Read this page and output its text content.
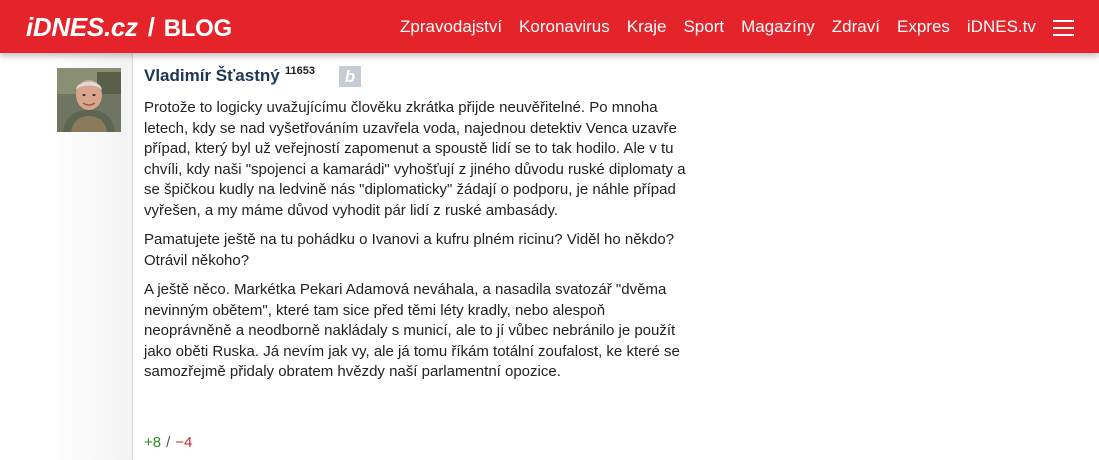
iDNES.cz / BLOG	Zpravodajství Koronavirus Kraje Sport Magazíny Zdraví Expres iDNES.tv
Vladimír Šťastný 11653	b

Protože to logicky uvažujícímu člověku zkrátka přijde neuvěřitelné. Po mnoha letech, kdy se nad vyšetřováním uzavřela voda, najednou detektiv Venca uzavře případ, který byl už veřejností zapomenut a spoustě lidí se to tak hodilo. Ale v tu chvíli, kdy naši "spojenci a kamarádi" vyhošťují z jiného důvodu ruské diplomaty a se špičkou kudly na ledvině nás "diplomaticky" žádají o podporu, je náhle případ vyřešen, a my máme důvod vyhodit pár lidí z ruské ambasády.

Pamatujete ještě na tu pohádku o Ivanovi a kufru plném ricinu? Viděl ho někdo? Otrávil někoho?

A ještě něco. Markétka Pekari Adamová neváhala, a nasadila svatozář "dvěma nevinným obětem", které tam sice před těmi léty kradly, nebo alespoň neoprávněně a neodborně nakládaly s municí, ale to jí vůbec nebránilo je použít jako oběti Ruska. Já nevím jak vy, ale já tomu říkám totální zoufalost, ke které se samozřejmě přidaly obratem hvězdy naší parlamentní opozice.

+8 / −4
